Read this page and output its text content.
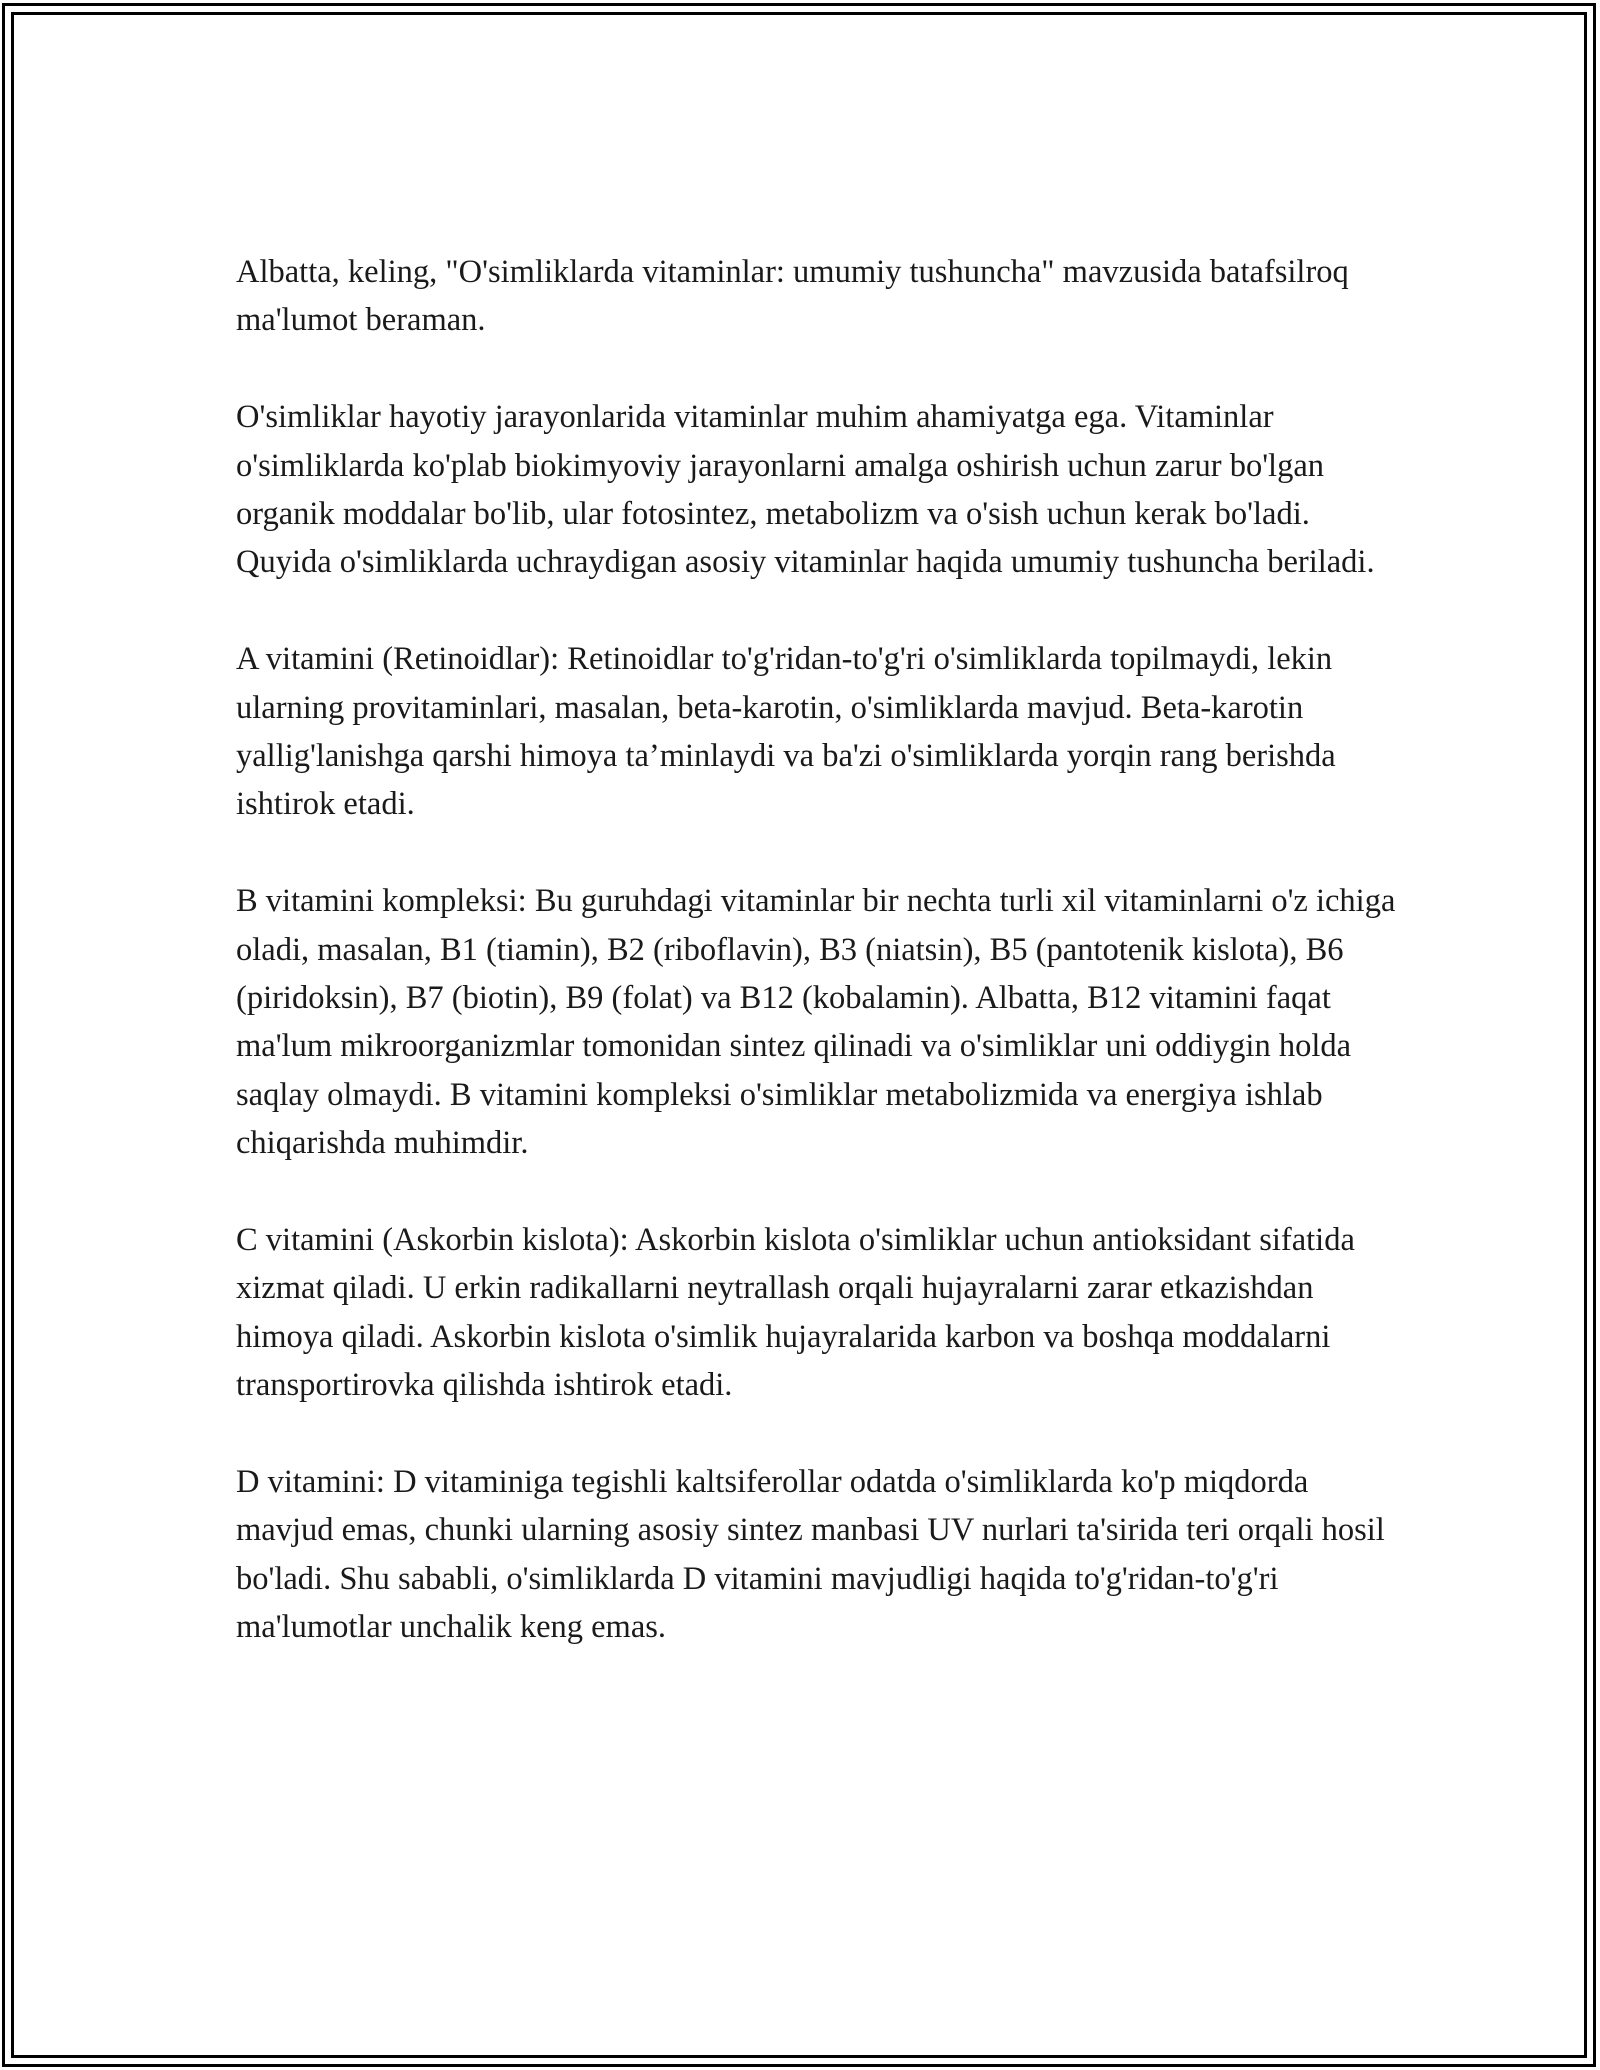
Albatta, keling, "O'simliklarda vitaminlar: umumiy tushuncha" mavzusida batafsilroq ma'lumot beraman.

O'simliklar hayotiy jarayonlarida vitaminlar muhim ahamiyatga ega. Vitaminlar o'simliklarda ko'plab biokimyoviy jarayonlarni amalga oshirish uchun zarur bo'lgan organik moddalar bo'lib, ular fotosintez, metabolizm va o'sish uchun kerak bo'ladi. Quyida o'simliklarda uchraydigan asosiy vitaminlar haqida umumiy tushuncha beriladi.

A vitamini (Retinoidlar): Retinoidlar to'g'ridan-to'g'ri o'simliklarda topilmaydi, lekin ularning provitaminlari, masalan, beta-karotin, o'simliklarda mavjud. Beta-karotin yallig'lanishga qarshi himoya ta’minlaydi va ba'zi o'simliklarda yorqin rang berishda ishtirok etadi.

B vitamini kompleksi: Bu guruhdagi vitaminlar bir nechta turli xil vitaminlarni o'z ichiga oladi, masalan, B1 (tiamin), B2 (riboflavin), B3 (niatsin), B5 (pantotenik kislota), B6 (piridoksin), B7 (biotin), B9 (folat) va B12 (kobalamin). Albatta, B12 vitamini faqat ma'lum mikroorganizmlar tomonidan sintez qilinadi va o'simliklar uni oddiygin holda saqlay olmaydi. B vitamini kompleksi o'simliklar metabolizmida va energiya ishlab chiqarishda muhimdir.

C vitamini (Askorbin kislota): Askorbin kislota o'simliklar uchun antioksidant sifatida xizmat qiladi. U erkin radikallarni neytrallash orqali hujayralarni zarar etkazishdan himoya qiladi. Askorbin kislota o'simlik hujayralarida karbon va boshqa moddalarni transportirovka qilishda ishtirok etadi.

D vitamini: D vitaminiga tegishli kaltsiferollar odatda o'simliklarda ko'p miqdorda mavjud emas, chunki ularning asosiy sintez manbasi UV nurlari ta'sirida teri orqali hosil bo'ladi. Shu sababli, o'simliklarda D vitamini mavjudligi haqida to'g'ridan-to'g'ri ma'lumotlar unchalik keng emas.
